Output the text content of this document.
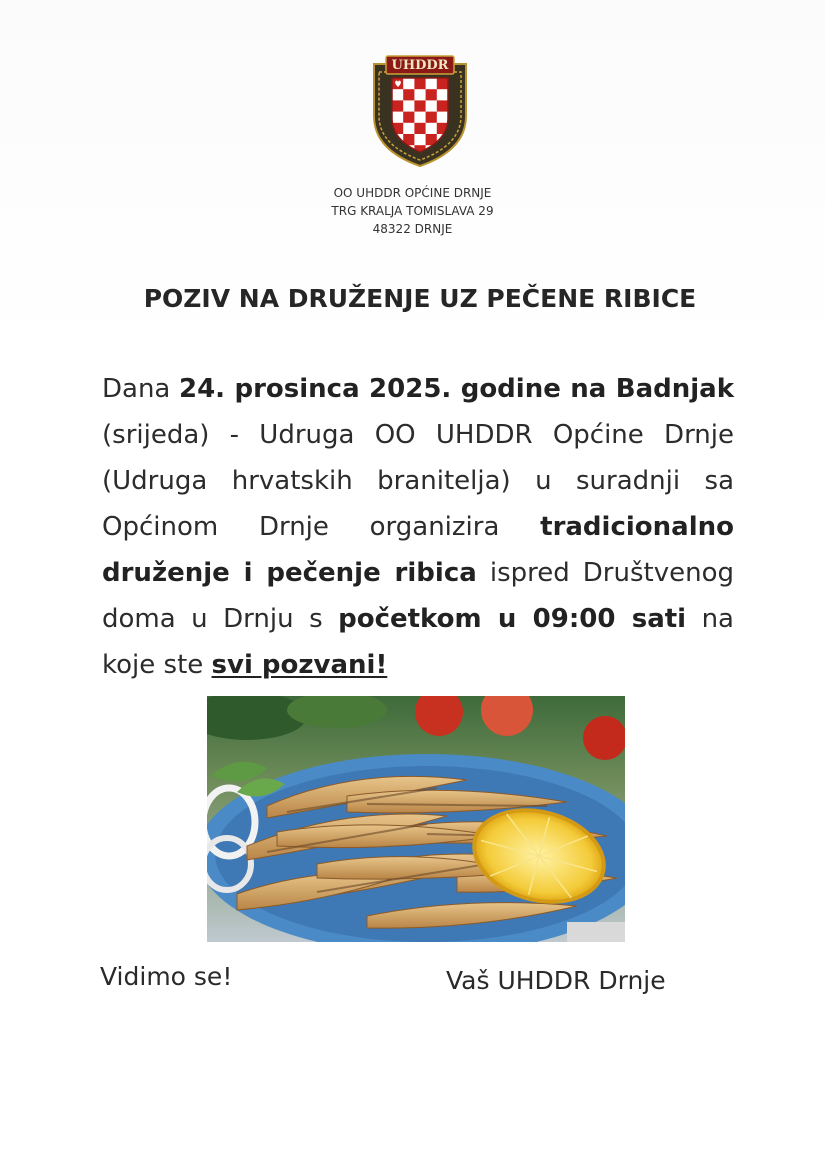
UHDDR
OO UHDDR OPĆINE DRNJE
TRG KRALJA TOMISLAVA 29
48322 DRNJE
POZIV NA DRUŽENJE UZ PEČENE RIBICE
Dana 24. prosinca 2025. godine na Badnjak (srijeda) - Udruga OO UHDDR Općine Drnje (Udruga hrvatskih branitelja) u suradnji sa Općinom Drnje organizira tradicionalno druženje i pečenje ribica ispred Društvenog doma u Drnju s početkom u 09:00 sati na koje ste svi pozvani!
Vidimo se!	Vaš UHDDR Drnje
